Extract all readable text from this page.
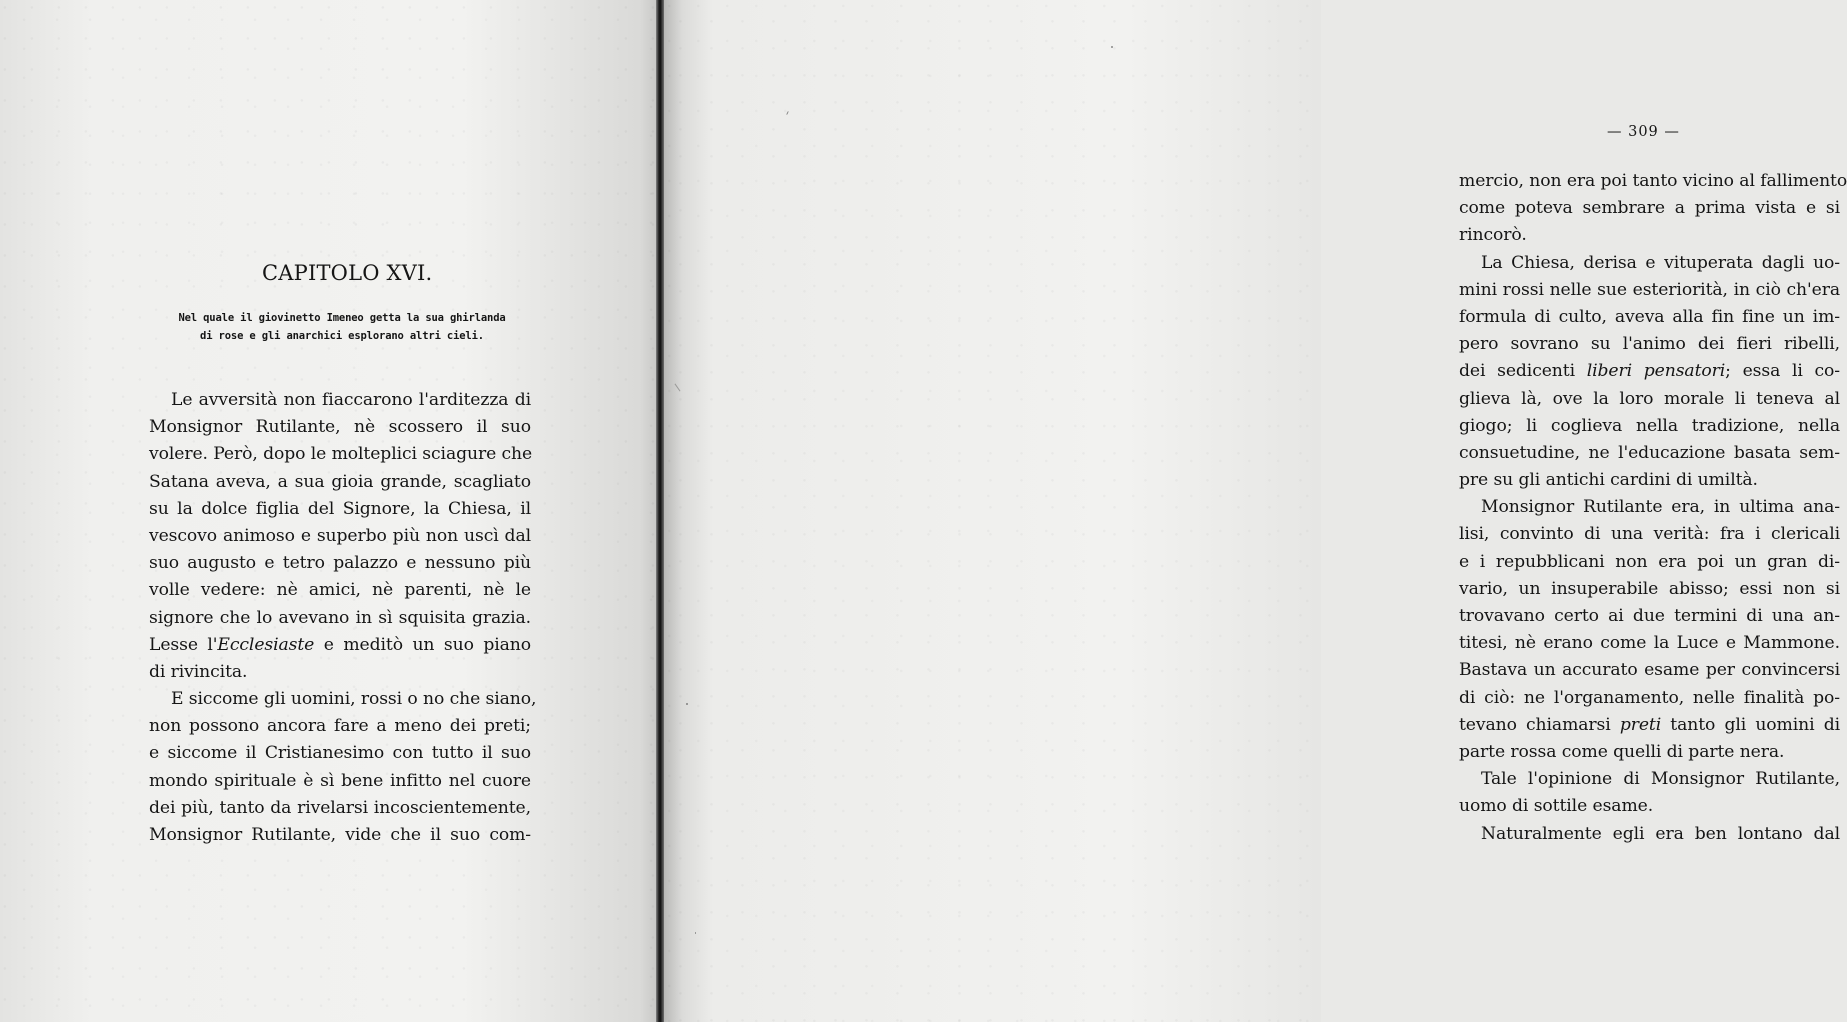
CAPITOLO XVI.
Nel quale il giovinetto Imeneo getta la sua ghirlanda
di rose e gli anarchici esplorano altri cieli.
Le avversità non fiaccarono l'arditezza di
Monsignor Rutilante, nè scossero il suo
volere. Però, dopo le molteplici sciagure che
Satana aveva, a sua gioia grande, scagliato
su la dolce figlia del Signore, la Chiesa, il
vescovo animoso e superbo più non uscì dal
suo augusto e tetro palazzo e nessuno più
volle vedere: nè amici, nè parenti, nè le
signore che lo avevano in sì squisita grazia.
Lesse l'Ecclesiaste e meditò un suo piano
di rivincita.
E siccome gli uomini, rossi o no che siano,
non possono ancora fare a meno dei preti;
e siccome il Cristianesimo con tutto il suo
mondo spirituale è sì bene infitto nel cuore
dei più, tanto da rivelarsi incoscientemente,
Monsignor Rutilante, vide che il suo com-
— 309 —
mercio, non era poi tanto vicino al fallimento
come poteva sembrare a prima vista e si
rincorò.
La Chiesa, derisa e vituperata dagli uo-
mini rossi nelle sue esteriorità, in ciò ch'era
formula di culto, aveva alla fin fine un im-
pero sovrano su l'animo dei fieri ribelli,
dei sedicenti liberi pensatori; essa li co-
glieva là, ove la loro morale li teneva al
giogo; li coglieva nella tradizione, nella
consuetudine, ne l'educazione basata sem-
pre su gli antichi cardini di umiltà.
Monsignor Rutilante era, in ultima ana-
lisi, convinto di una verità: fra i clericali
e i repubblicani non era poi un gran di-
vario, un insuperabile abisso; essi non si
trovavano certo ai due termini di una an-
titesi, nè erano come la Luce e Mammone.
Bastava un accurato esame per convincersi
di ciò: ne l'organamento, nelle finalità po-
tevano chiamarsi preti tanto gli uomini di
parte rossa come quelli di parte nera.
Tale l'opinione di Monsignor Rutilante,
uomo di sottile esame.
Naturalmente egli era ben lontano dal
